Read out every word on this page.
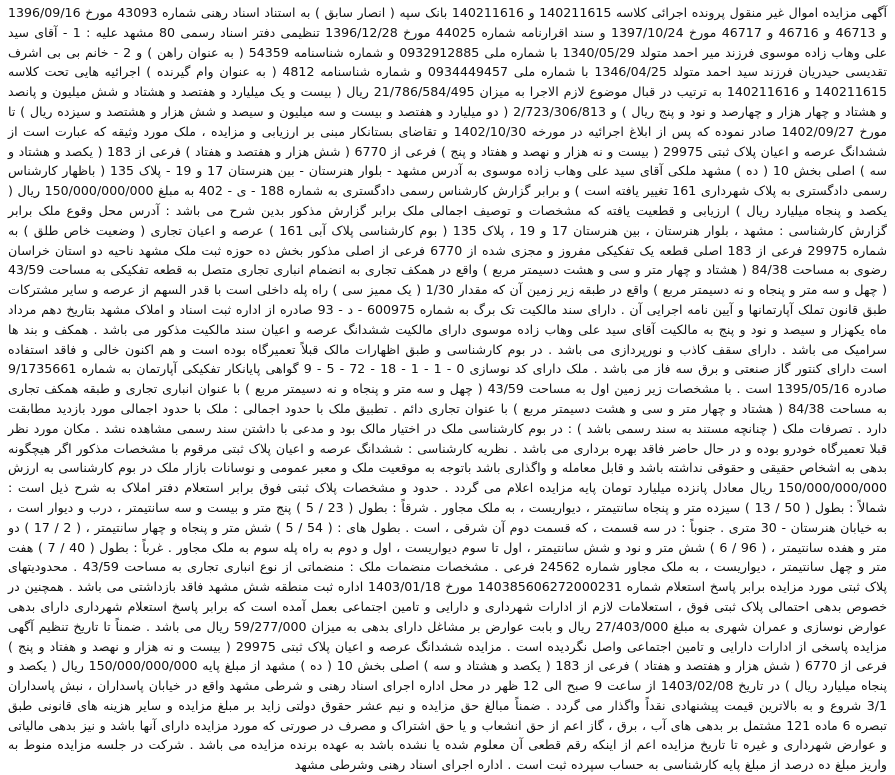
آگهی مزایده اموال غیر منقول پرونده اجرائی کلاسه 140211615 و 140211616 بانک سپه ( انصار سابق ) به استناد اسناد رهنی شماره 43093 مورخ 1396/09/16 و 46713 و 46716 و 46717 مورخ 1397/10/24 و سند اقرارنامه شماره 44025 مورخ 1396/12/28 تنظیمی دفتر اسناد رسمی 80 مشهد علیه : 1 - آقای سید علی وهاب زاده موسوی فرزند میر احمد متولد 1340/05/29 با شماره ملی 0932912885 و شماره شناسنامه 54359 ( به عنوان راهن ) و 2 - خانم بی بی اشرف تقدیسی حیدریان فرزند سید احمد متولد 1346/04/25 با شماره ملی 0934449457 و شماره شناسنامه 4812 ( به عنوان وام گیرنده ) اجرائیه هایی تحت کلاسه 140211615 و 140211616 به ترتیب در قبال موضوع لازم الاجرا به میزان 21/786/584/495 ریال ( بیست و یک میلیارد و هفتصد و هشتاد و شش میلیون و پانصد و هشتاد و چهار هزار و چهارصد و نود و پنج ریال ) و 2/723/306/813 ( دو میلیارد و هفتصد و بیست و سه میلیون و سیصد و شش هزار و هشتصد و سیزده ریال ) تا مورخ 1402/09/27 صادر نموده که پس از ابلاغ اجرائیه در مورخه 1402/10/30 و تقاضای بستانکار مبنی بر ارزیابی و مزایده ، ملک مورد وثیقه که عبارت است از ششدانگ عرصه و اعیان پلاک ثبتی 29975 ( بیست و نه هزار و نهصد و هفتاد و پنج ) فرعی از 6770 ( شش هزار و هفتصد و هفتاد ) فرعی از 183 ( یکصد و هشتاد و سه ) اصلی بخش 10 ( ده ) مشهد ملکی آقای سید علی وهاب زاده موسوی به آدرس مشهد - بلوار هنرستان - بین هنرستان 17 و 19 - پلاک 135 ( باظهار کارشناس رسمی دادگستری به پلاک شهرداری 161 تغییر یافته است ) و برابر گزارش کارشناس رسمی دادگستری به شماره 188 - ی - 402 به مبلغ 150/000/000/000 ریال ( یکصد و پنجاه میلیارد ریال ) ارزیابی و قطعیت یافته که مشخصات و توصیف اجمالی ملک برابر گزارش مذکور بدین شرح می باشد : آدرس محل وقوع ملک برابر گزارش کارشناسی : مشهد ، بلوار هنرستان ، بین هنرستان 17 و 19 ، پلاک 135 ( بوم کارشناسی پلاک آبی 161 ) عرصه و اعیان تجاری ( وضعیت خاص طلق ) به شماره 29975 فرعی از 183 اصلی قطعه یک تفکیکی مفروز و مجزی شده از 6770 فرعی از اصلی مذکور بخش ده حوزه ثبت ملک مشهد ناحیه دو استان خراسان رضوی به مساحت 84/38 ( هشتاد و چهار متر و سی و هشت دسیمتر مربع ) واقع در همکف تجاری به انضمام انباری تجاری متصل به قطعه تفکیکی به مساحت 43/59 ( چهل و سه متر و پنجاه و نه دسیمتر مربع ) واقع در طبقه زیر زمین آن که مقدار 1/30 ( یک ممیز سی ) راه پله داخلی است با قدر السهم از عرصه و سایر مشترکات طبق قانون تملک آپارتمانها و آیین نامه اجرایی آن . دارای سند مالکیت تک برگ به شماره 600975 - د - 93 صادره از اداره ثبت اسناد و املاک مشهد بتاریخ دهم مرداد ماه یکهزار و سیصد و نود و پنج به مالکیت آقای سید علی وهاب زاده موسوی دارای مالکیت ششدانگ عرصه و اعیان سند مالکیت مذکور می باشد . همکف و بند ها سرامیک می باشد . دارای سقف کاذب و نورپردازی می باشد . در بوم کارشناسی و طبق اظهارات مالک قبلاً تعمیرگاه بوده است و هم اکنون خالی و فاقد استفاده است دارای کنتور گاز صنعتی و برق سه فاز می باشد . ملک دارای کد نوسازی 0 - 1 - 1 - 18 - 72 - 5 - 9 گواهی پایانکار تفکیکی آپارتمان به شماره 9/1735661 صادره 1395/05/16 است . با مشخصات زیر زمین اول به مساحت 43/59 ( چهل و سه متر و پنجاه و نه دسیمتر مربع ) با عنوان انباری تجاری و طبقه همکف تجاری به مساحت 84/38 ( هشتاد و چهار متر و سی و هشت دسیمتر مربع ) با عنوان تجاری دائم . تطبیق ملک با حدود اجمالی : ملک با حدود اجمالی مورد بازدید مطابقت دارد . تصرفات ملک ( چنانچه مستند به سند رسمی باشد ) : در بوم کارشناسی ملک در اختیار مالک بود و مدعی با داشتن سند رسمی مشاهده نشد . مکان مورد نظر قبلا تعمیرگاه خودرو بوده و در حال حاضر فاقد بهره برداری می باشد . نظریه کارشناسی : ششدانگ عرصه و اعیان پلاک ثبتی مرقوم با مشخصات مذکور اگر هیچگونه بدهی به اشخاص حقیقی و حقوقی نداشته باشد و قابل معامله و واگذاری باشد باتوجه به موقعیت ملک و معبر عمومی و نوسانات بازار ملک در بوم کارشناسی به ارزش 150/000/000/000 ریال معادل پانزده میلیارد تومان پایه مزایده اعلام می گردد . حدود و مشخصات پلاک ثبتی فوق برابر استعلام دفتر املاک به شرح ذیل است : شمالاً : بطول ( 50 / 13 ) سیزده متر و پنجاه سانتیمتر ، دیواریست ، به ملک مجاور . شرقاً : بطول ( 23 / 5 ) پنج متر و بیست و سه سانتیمتر ، درب و دیوار است ، به خیابان هنرستان - 30 متری . جنوباً : در سه قسمت ، که قسمت دوم آن شرقی ، است . بطول های : ( 54 / 5 ) شش متر و پنجاه و چهار سانتیمتر ، ( 2 / 17 ) دو متر و هفده سانتیمتر ، ( 96 / 6 ) شش متر و نود و شش سانتیمتر ، اول تا سوم دیواریست ، اول و دوم به راه پله سوم به ملک مجاور . غرباً : بطول ( 40 / 7 ) هفت متر و چهل سانتیمتر ، دیواریست ، به ملک مجاور شماره 24562 فرعی . مشخصات منضمات ملک : منضماتی از نوع انباری تجاری به مساحت 43/59 . محدودیتهای پلاک ثبتی مورد مزایده برابر پاسخ استعلام شماره 140385606272000231 مورخ 1403/01/18 اداره ثبت منطقه شش مشهد فاقد بازداشتی می باشد . همچنین در خصوص بدهی احتمالی پلاک ثبتی فوق ، استعلامات لازم از ادارات شهرداری و دارایی و تامین اجتماعی بعمل آمده است که برابر پاسخ استعلام شهرداری دارای بدهی عوارض نوسازی و عمران شهری به مبلغ 27/403/000 ریال و بابت عوارض بر مشاغل دارای بدهی به میزان 59/277/000 ریال می باشد . ضمناً تا تاریخ تنظیم آگهی مزایده پاسخی از ادارات دارایی و تامین اجتماعی واصل نگردیده است . مزایده ششدانگ عرصه و اعیان پلاک ثبتی 29975 ( بیست و نه هزار و نهصد و هفتاد و پنج ) فرعی از 6770 ( شش هزار و هفتصد و هفتاد ) فرعی از 183 ( یکصد و هشتاد و سه ) اصلی بخش 10 ( ده ) مشهد از مبلغ پایه 150/000/000/000 ریال ( یکصد و پنجاه میلیارد ریال ) در تاریخ 1403/02/08 از ساعت 9 صبح الی 12 ظهر در محل اداره اجرای اسناد رهنی و شرطی مشهد واقع در خیابان پاسداران ، نبش پاسداران 3/1 شروع و به بالاترین قیمت پیشنهادی نقداً واگذار می گردد . ضمناً مبالغ حق مزایده و نیم عشر حقوق دولتی زاید بر مبلغ مزایده و سایر هزینه های قانونی طبق تبصره 6 ماده 121 مشتمل بر بدهی های آب ، برق ، گاز اعم از حق انشعاب و یا حق اشتراک و مصرف در صورتی که مورد مزایده دارای آنها باشد و نیز بدهی مالیاتی و عوارض شهرداری و غیره تا تاریخ مزایده اعم از اینکه رقم قطعی آن معلوم شده یا نشده باشد به عهده برنده مزایده می باشد . شرکت در جلسه مزایده منوط به واریز مبلغ ده درصد از مبلغ پایه کارشناسی به حساب سپرده ثبت است . اداره اجرای اسناد رهنی وشرطی مشهد
